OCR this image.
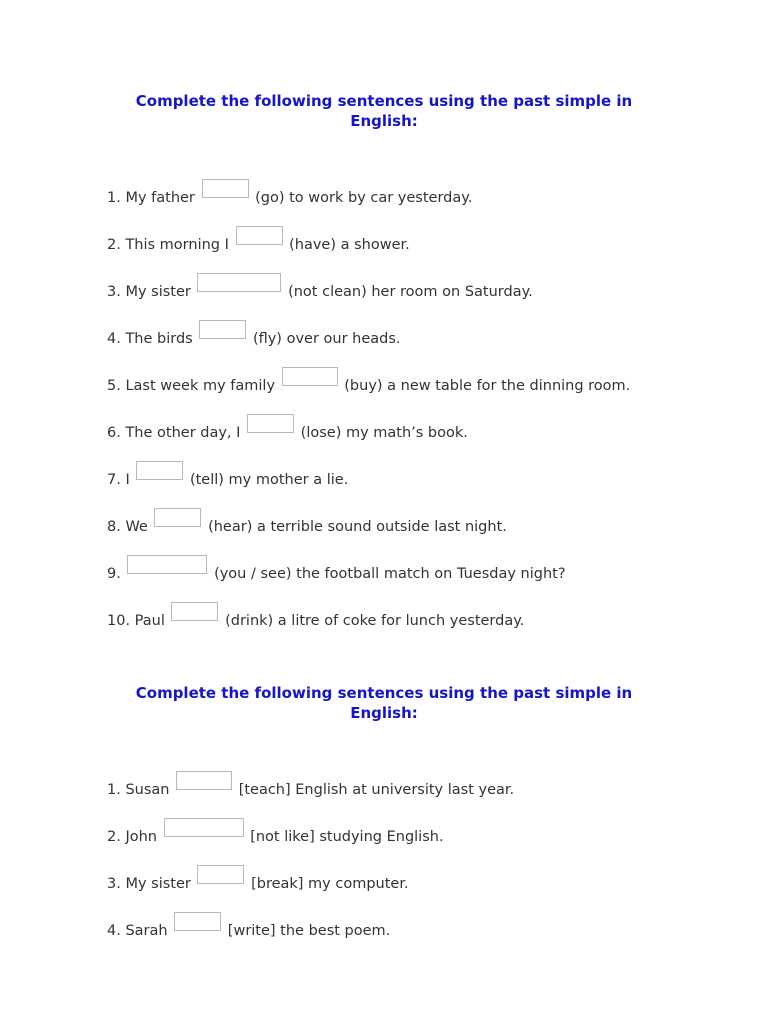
Complete the following sentences using the past simple in English:
1. My father	(go) to work by car yesterday.
2. This morning I	(have) a shower.
3. My sister	(not clean) her room on Saturday.
4. The birds	(fly) over our heads.
5. Last week my family	(buy) a new table for the dinning room.
6. The other day, I	(lose) my math’s book.
7. I	(tell) my mother a lie.
8. We	(hear) a terrible sound outside last night.
9.	(you / see) the football match on Tuesday night?
10. Paul	(drink) a litre of coke for lunch yesterday.
Complete the following sentences using the past simple in English:
1. Susan	[teach] English at university last year.
2. John	[not like] studying English.
3. My sister	[break] my computer.
4. Sarah	[write] the best poem.
